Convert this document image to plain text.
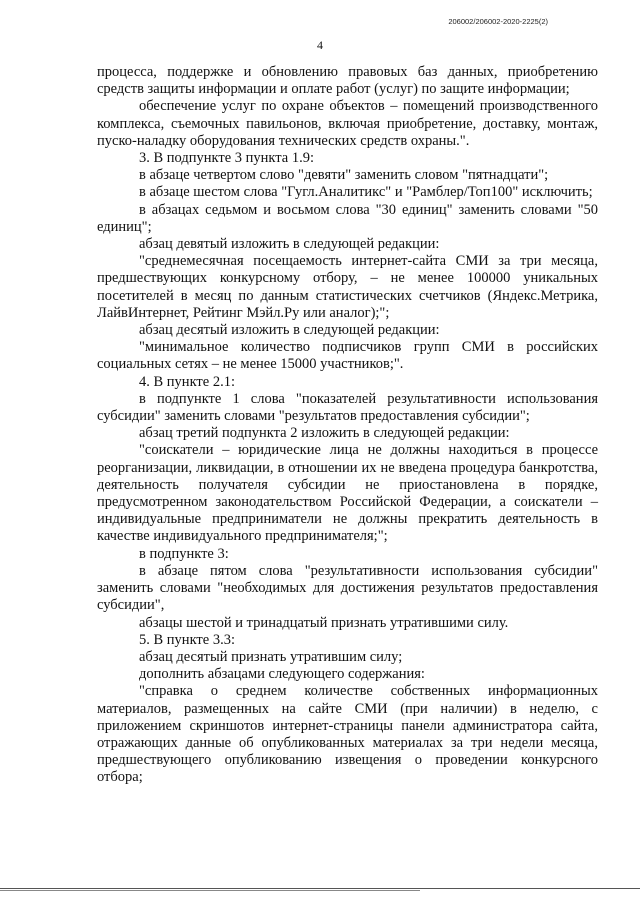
206002/206002-2020-2225(2)
4

процесса, поддержке и обновлению правовых баз данных, приобретению средств защиты информации и оплате работ (услуг) по защите информации;

обеспечение услуг по охране объектов – помещений производственного комплекса, съемочных павильонов, включая приобретение, доставку, монтаж, пуско-наладку оборудования технических средств охраны.".

3. В подпункте 3 пункта 1.9:

в абзаце четвертом слово "девяти" заменить словом "пятнадцати";

в абзаце шестом слова "Гугл.Аналитикс" и "Рамблер/Топ100" исключить;

в абзацах седьмом и восьмом слова "30 единиц" заменить словами "50 единиц";

абзац девятый изложить в следующей редакции:

"среднемесячная посещаемость интернет-сайта СМИ за три месяца, предшествующих конкурсному отбору, – не менее 100000 уникальных посетителей в месяц по данным статистических счетчиков (Яндекс.Метрика, ЛайвИнтернет, Рейтинг Мэйл.Ру или аналог);";

абзац десятый изложить в следующей редакции:

"минимальное количество подписчиков групп СМИ в российских социальных сетях – не менее 15000 участников;".

4. В пункте 2.1:

в подпункте 1 слова "показателей результативности использования субсидии" заменить словами "результатов предоставления субсидии";

абзац третий подпункта 2 изложить в следующей редакции:

"соискатели – юридические лица не должны находиться в процессе реорганизации, ликвидации, в отношении их не введена процедура банкротства, деятельность получателя субсидии не приостановлена в порядке, предусмотренном законодательством Российской Федерации, а соискатели – индивидуальные предприниматели не должны прекратить деятельность в качестве индивидуального предпринимателя;";

в подпункте 3:

в абзаце пятом слова "результативности использования субсидии" заменить словами "необходимых для достижения результатов предоставления субсидии",

абзацы шестой и тринадцатый признать утратившими силу.

5. В пункте 3.3:

абзац десятый признать утратившим силу;

дополнить абзацами следующего содержания:

"справка о среднем количестве собственных информационных материалов, размещенных на сайте СМИ (при наличии) в неделю, с приложением скриншотов интернет-страницы панели администратора сайта, отражающих данные об опубликованных материалах за три недели месяца, предшествующего опубликованию извещения о проведении конкурсного отбора;
